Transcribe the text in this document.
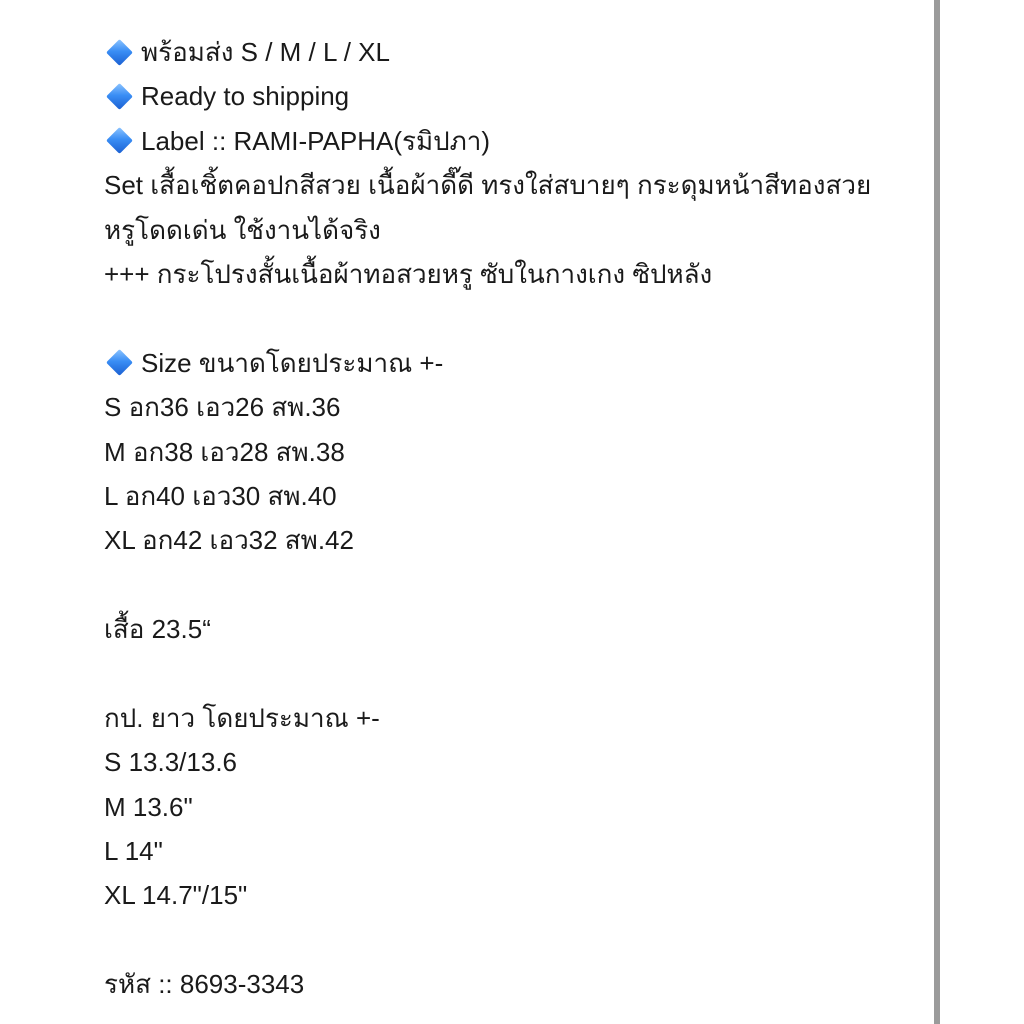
พร้อมส่ง S / M / L / XL
Ready to shipping
Label :: RAMI-PAPHA(รมิปภา)
Set เสื้อเชิ้ตคอปกสีสวย เนื้อผ้าดี๊ดี ทรงใส่สบายๆ กระดุมหน้าสีทองสวย
หรูโดดเด่น ใช้งานได้จริง
+++ กระโปรงสั้นเนื้อผ้าทอสวยหรู ซับในกางเกง ซิปหลัง
Size ขนาดโดยประมาณ +-
S อก36 เอว26 สพ.36
M อก38 เอว28 สพ.38
L อก40 เอว30 สพ.40
XL อก42 เอว32 สพ.42
เสื้อ 23.5“
กป. ยาว โดยประมาณ +-
S 13.3/13.6
M 13.6"
L 14"
XL 14.7"/15"
รหัส :: 8693-3343
